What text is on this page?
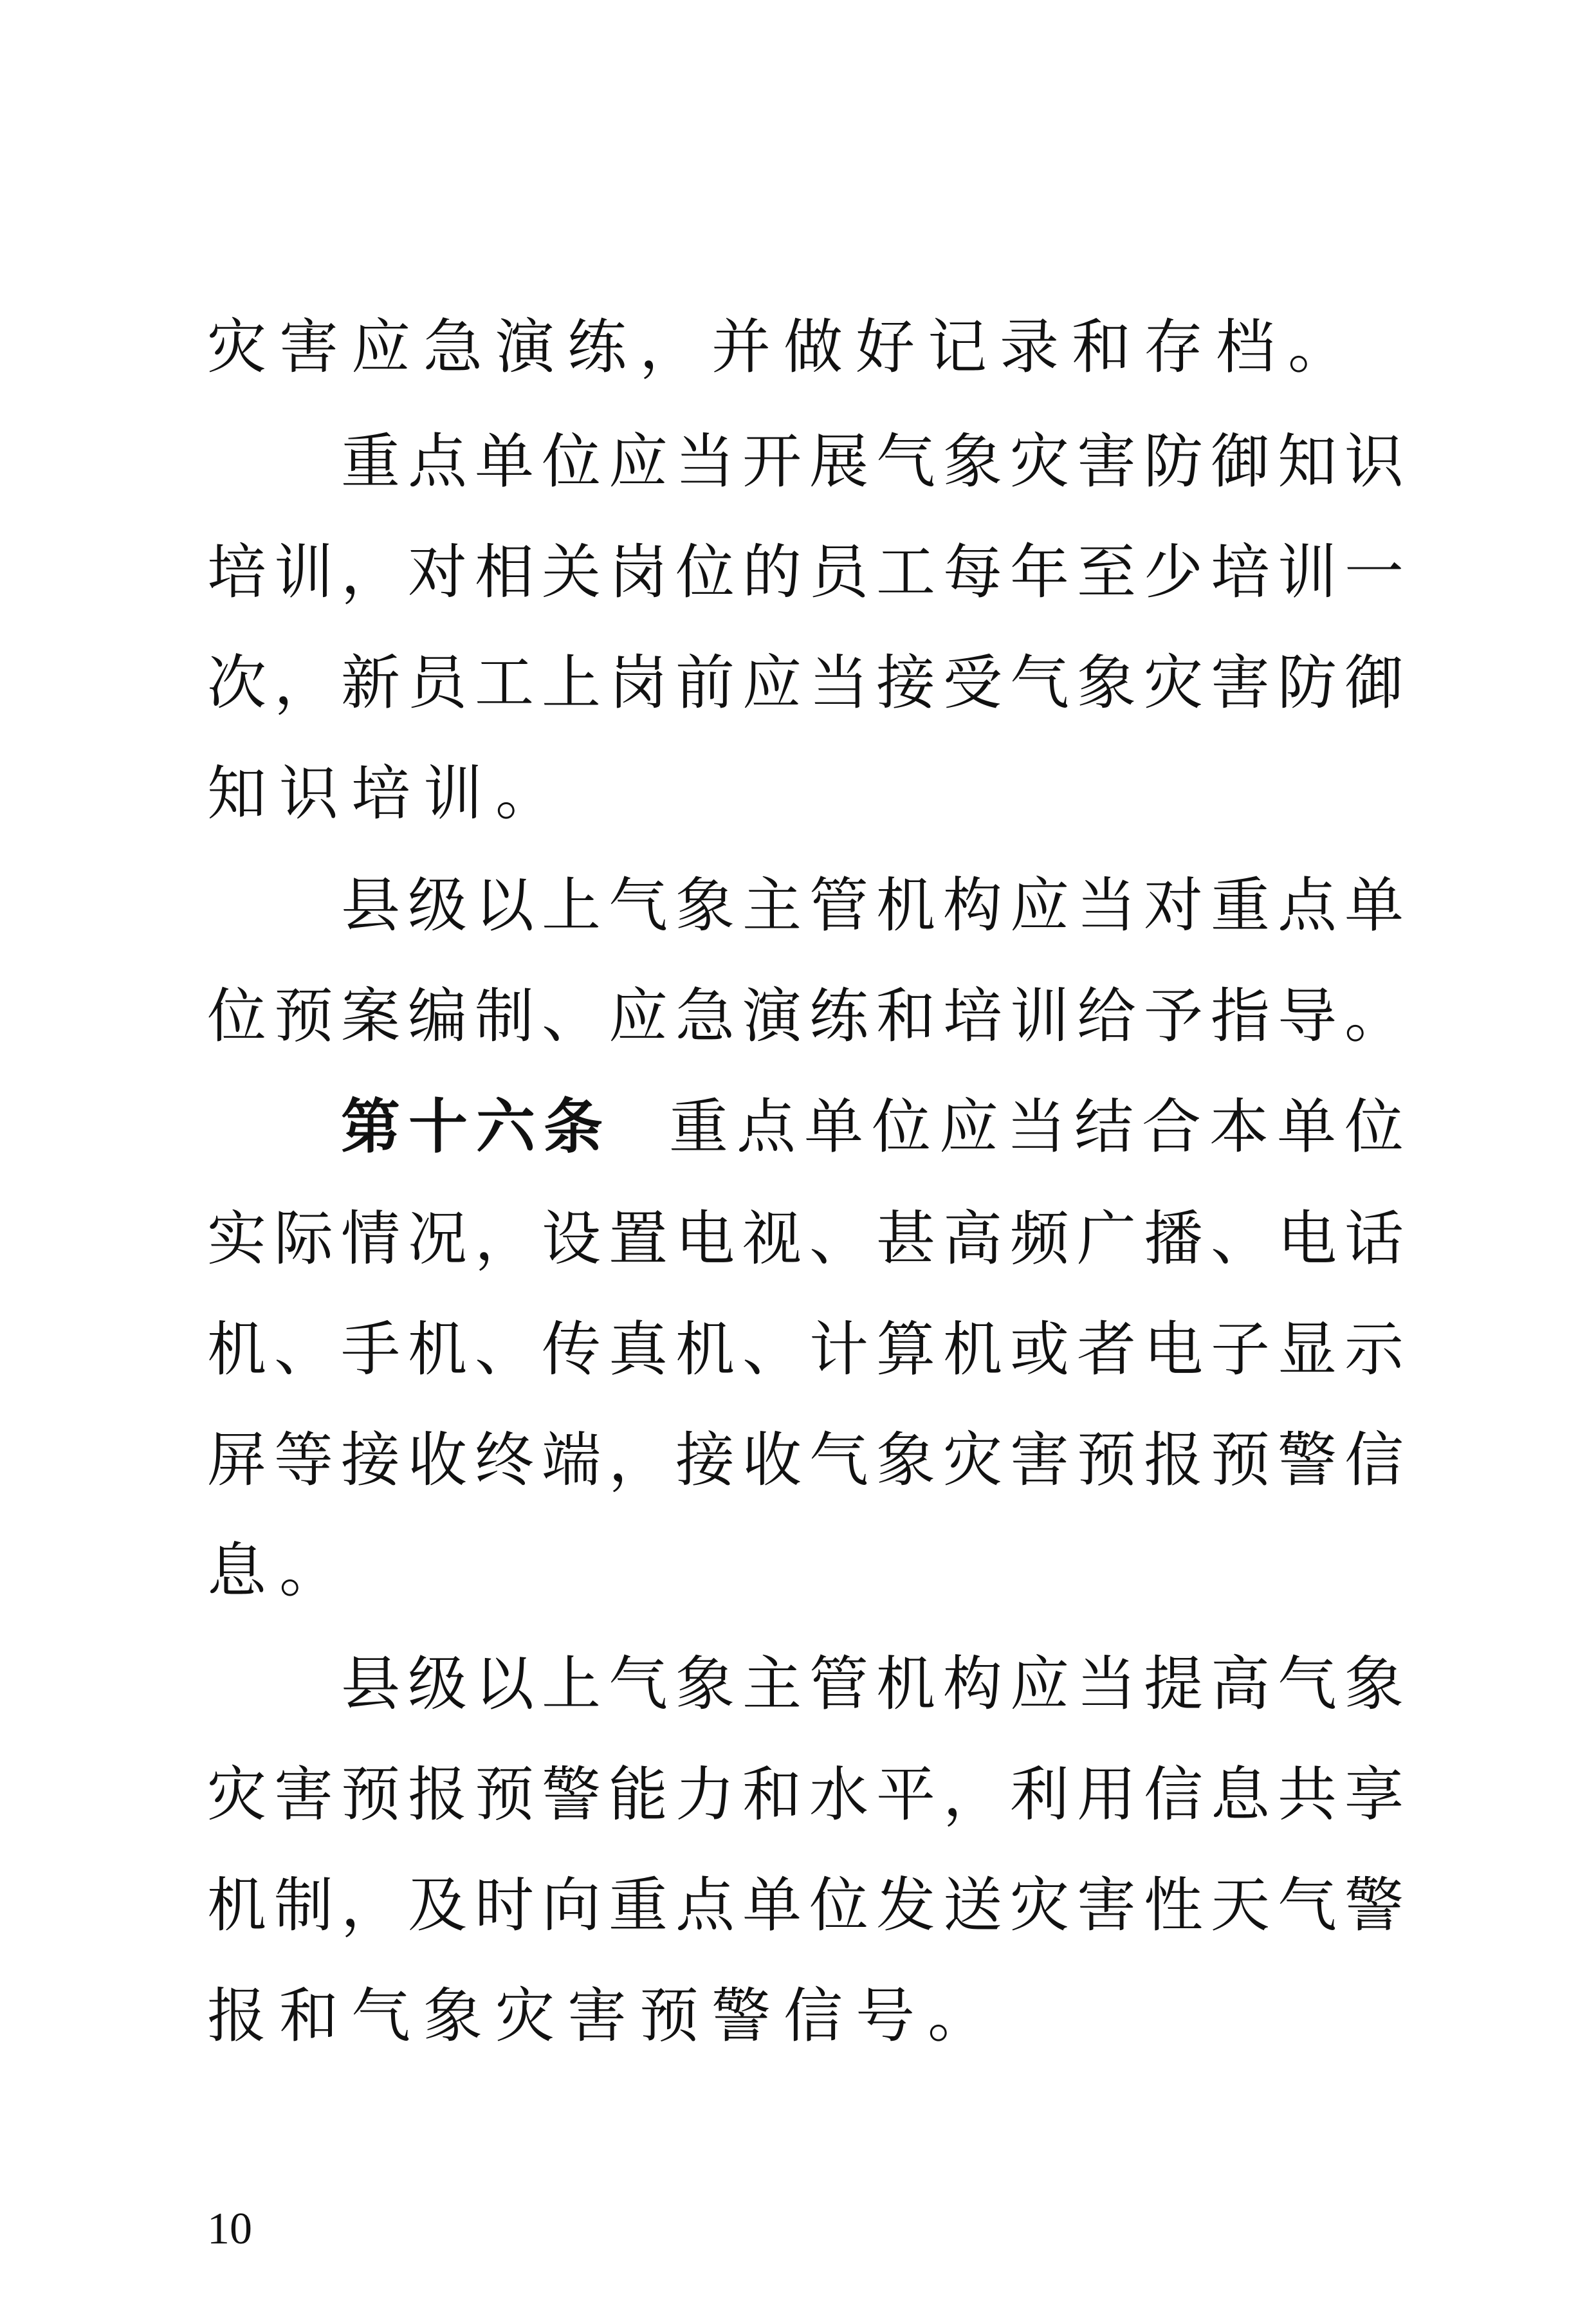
灾害应急演练，并做好记录和存档。
重点单位应当开展气象灾害防御知识
培训，对相关岗位的员工每年至少培训一
次，新员工上岗前应当接受气象灾害防御
知识培训。
县级以上气象主管机构应当对重点单
位预案编制、应急演练和培训给予指导。
第十六条 重点单位应当结合本单位
实际情况，设置电视、甚高频广播、电话
机、手机、传真机、计算机或者电子显示
屏等接收终端，接收气象灾害预报预警信
息。
县级以上气象主管机构应当提高气象
灾害预报预警能力和水平，利用信息共享
机制，及时向重点单位发送灾害性天气警
报和气象灾害预警信号。
10
